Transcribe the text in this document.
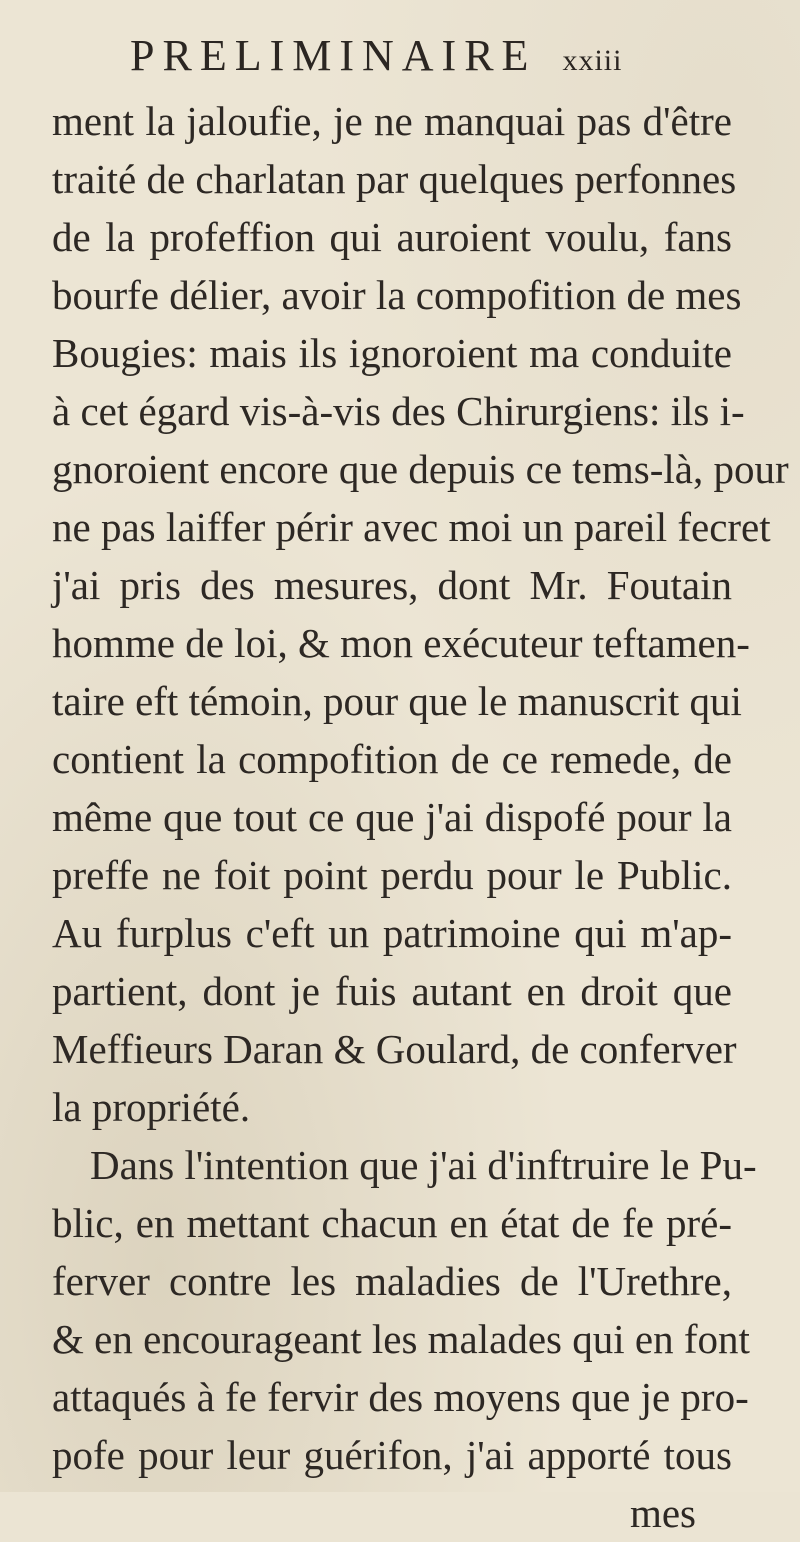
PRELIMINAIRE xxiii
ment la jaloufie, je ne manquai pas d'être
traité de charlatan par quelques perfonnes
de la profeffion qui auroient voulu, fans
bourfe délier, avoir la compofition de mes
Bougies: mais ils ignoroient ma conduite
à cet égard vis-à-vis des Chirurgiens: ils i-
gnoroient encore que depuis ce tems-là, pour
ne pas laiffer périr avec moi un pareil fecret
j'ai pris des mesures, dont Mr. Foutain
homme de loi, & mon exécuteur teftamen-
taire eft témoin, pour que le manuscrit qui
contient la compofition de ce remede, de
même que tout ce que j'ai dispofé pour la
preffe ne foit point perdu pour le Public.
Au furplus c'eft un patrimoine qui m'ap-
partient, dont je fuis autant en droit que
Meffieurs Daran & Goulard, de conferver
la propriété.
Dans l'intention que j'ai d'inftruire le Pu-
blic, en mettant chacun en état de fe pré-
ferver contre les maladies de l'Urethre,
& en encourageant les malades qui en font
attaqués à fe fervir des moyens que je pro-
pofe pour leur guérifon, j'ai apporté tous
mes
